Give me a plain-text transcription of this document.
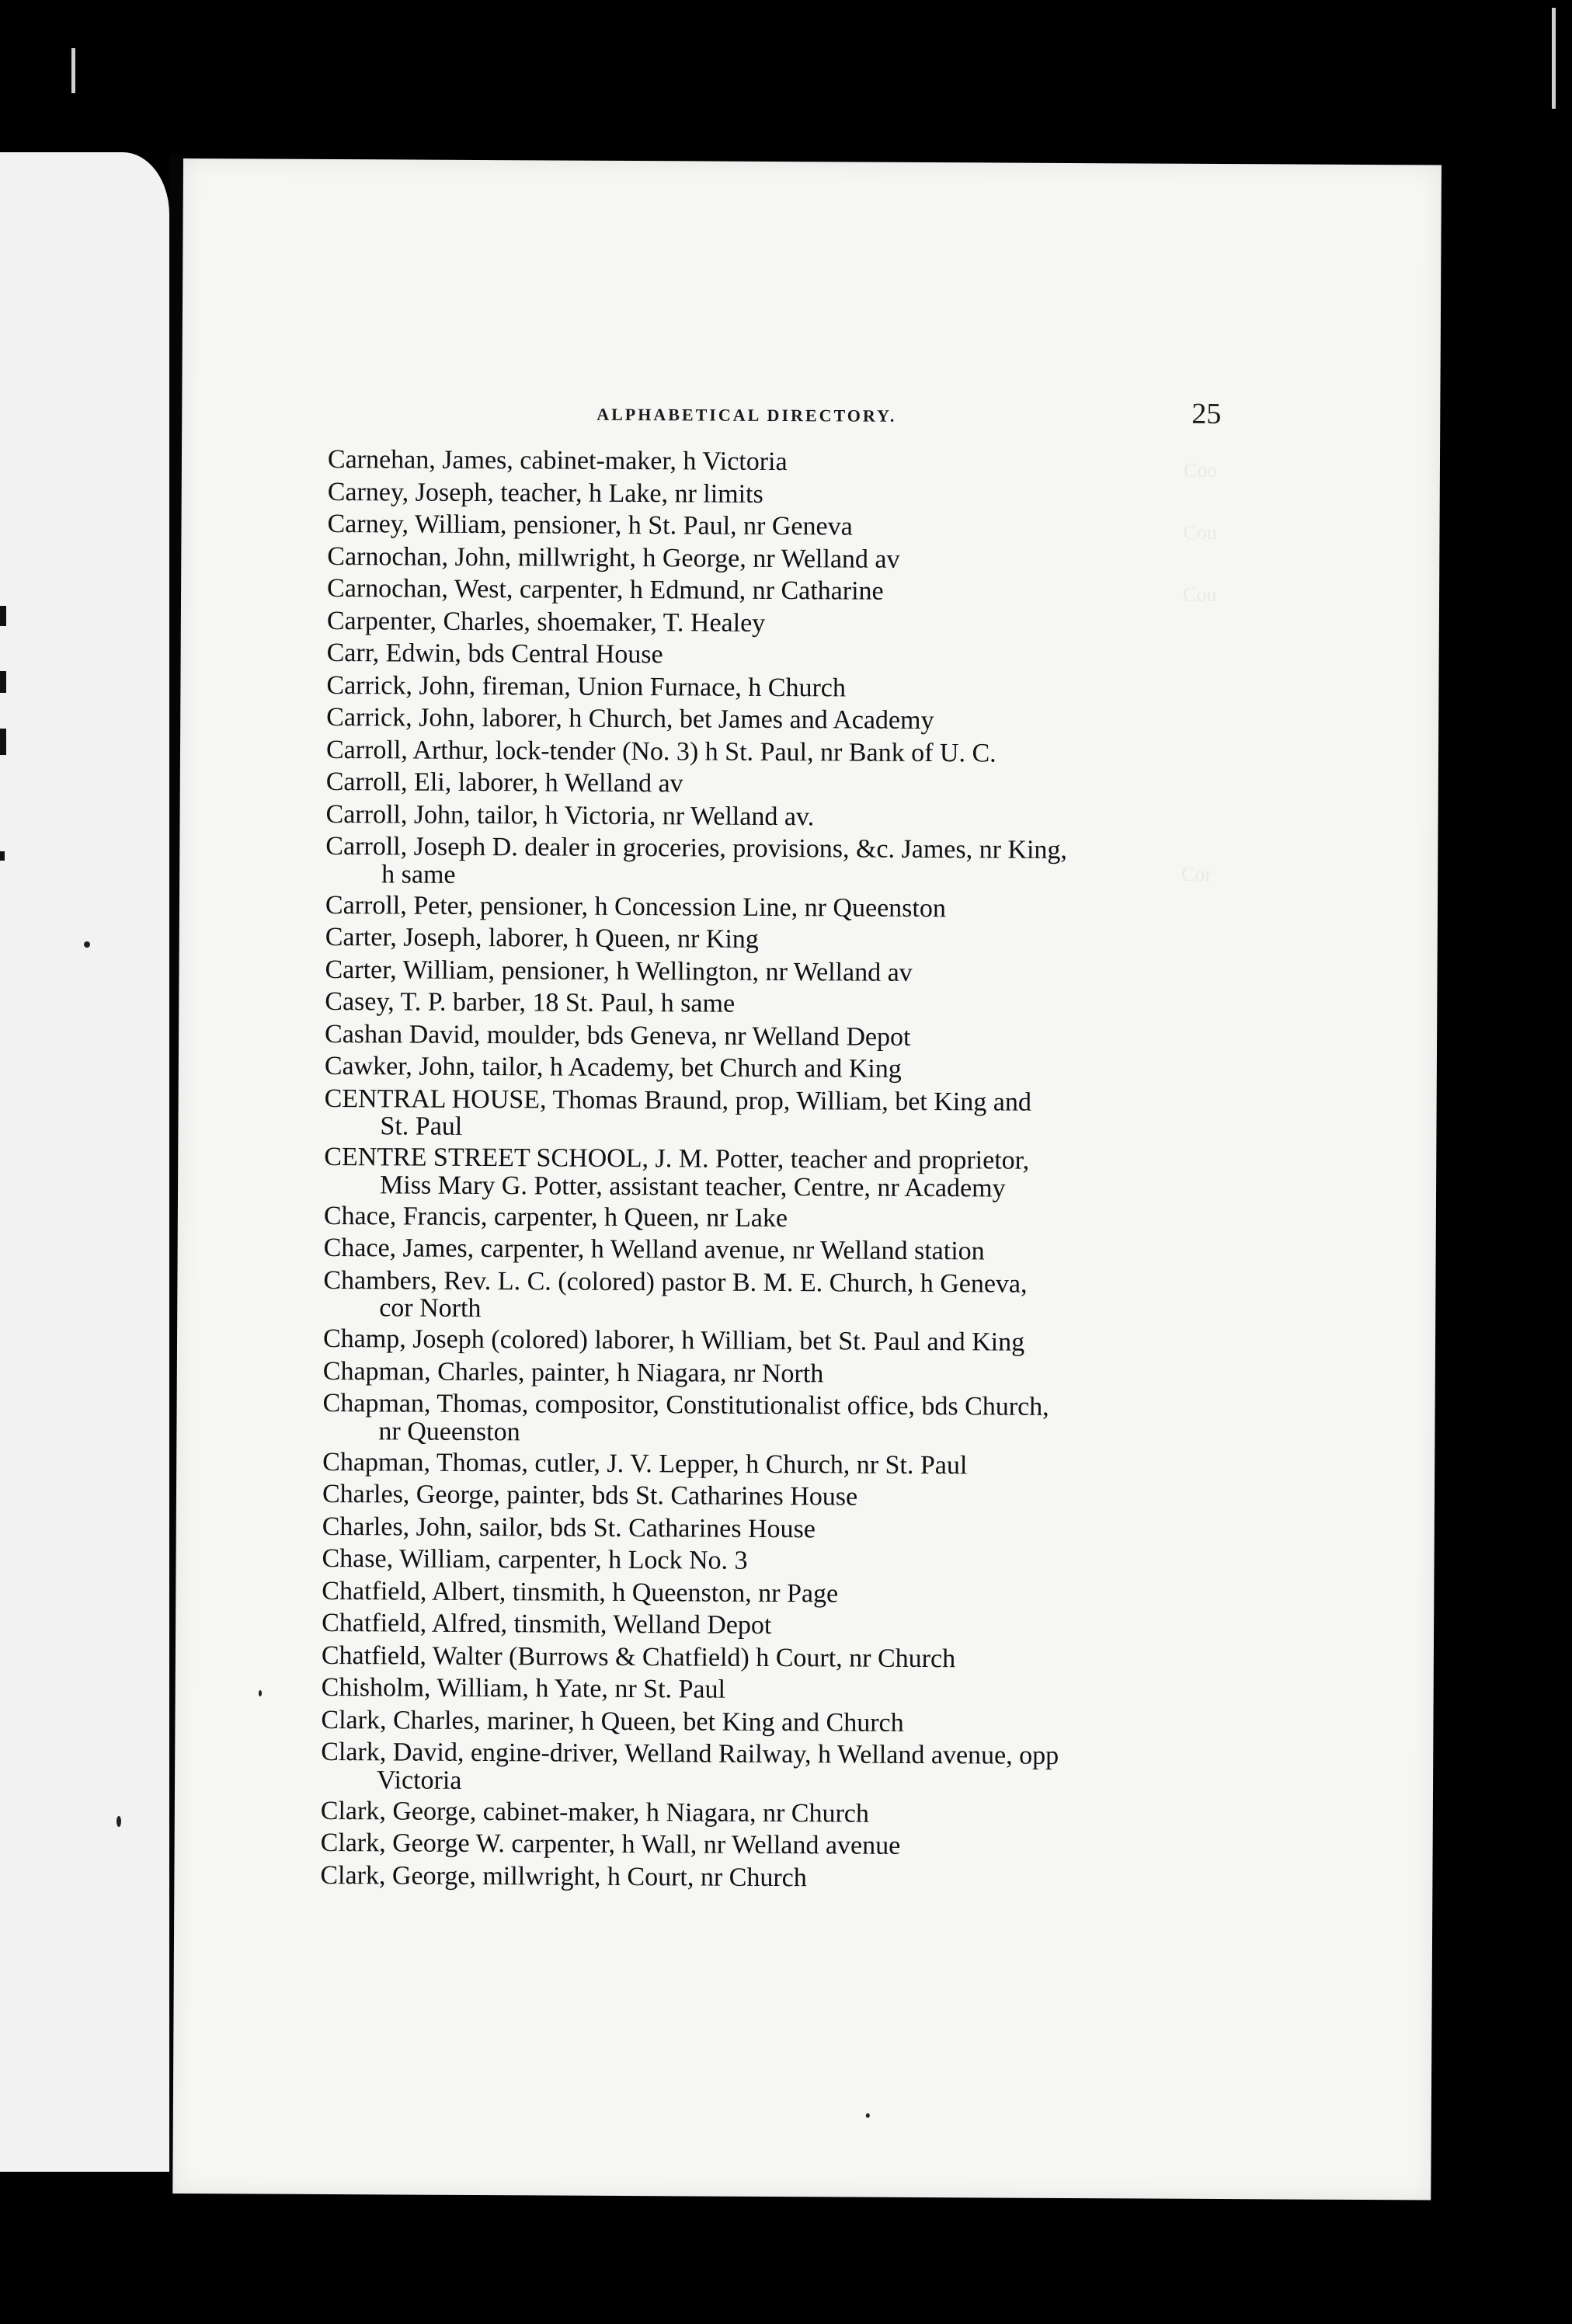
Coo
Cou
Cou
Cor
ALPHABETICAL DIRECTORY.	25
Carnehan, James, cabinet-maker, h Victoria
Carney, Joseph, teacher, h Lake, nr limits
Carney, William, pensioner, h St. Paul, nr Geneva
Carnochan, John, millwright, h George, nr Welland av
Carnochan, West, carpenter, h Edmund, nr Catharine
Carpenter, Charles, shoemaker, T. Healey
Carr, Edwin, bds Central House
Carrick, John, fireman, Union Furnace, h Church
Carrick, John, laborer, h Church, bet James and Academy
Carroll, Arthur, lock-tender (No. 3) h St. Paul, nr Bank of U. C.
Carroll, Eli, laborer, h Welland av
Carroll, John, tailor, h Victoria, nr Welland av.
Carroll, Joseph D. dealer in groceries, provisions, &c. James, nr King,
h same
Carroll, Peter, pensioner, h Concession Line, nr Queenston
Carter, Joseph, laborer, h Queen, nr King
Carter, William, pensioner, h Wellington, nr Welland av
Casey, T. P. barber, 18 St. Paul, h same
Cashan David, moulder, bds Geneva, nr Welland Depot
Cawker, John, tailor, h Academy, bet Church and King
CENTRAL HOUSE, Thomas Braund, prop, William, bet King and
St. Paul
CENTRE STREET SCHOOL, J. M. Potter, teacher and proprietor,
Miss Mary G. Potter, assistant teacher, Centre, nr Academy
Chace, Francis, carpenter, h Queen, nr Lake
Chace, James, carpenter, h Welland avenue, nr Welland station
Chambers, Rev. L. C. (colored) pastor B. M. E. Church, h Geneva,
cor North
Champ, Joseph (colored) laborer, h William, bet St. Paul and King
Chapman, Charles, painter, h Niagara, nr North
Chapman, Thomas, compositor, Constitutionalist office, bds Church,
nr Queenston
Chapman, Thomas, cutler, J. V. Lepper, h Church, nr St. Paul
Charles, George, painter, bds St. Catharines House
Charles, John, sailor, bds St. Catharines House
Chase, William, carpenter, h Lock No. 3
Chatfield, Albert, tinsmith, h Queenston, nr Page
Chatfield, Alfred, tinsmith, Welland Depot
Chatfield, Walter (Burrows & Chatfield) h Court, nr Church
Chisholm, William, h Yate, nr St. Paul
Clark, Charles, mariner, h Queen, bet King and Church
Clark, David, engine-driver, Welland Railway, h Welland avenue, opp
Victoria
Clark, George, cabinet-maker, h Niagara, nr Church
Clark, George W. carpenter, h Wall, nr Welland avenue
Clark, George, millwright, h Court, nr Church
